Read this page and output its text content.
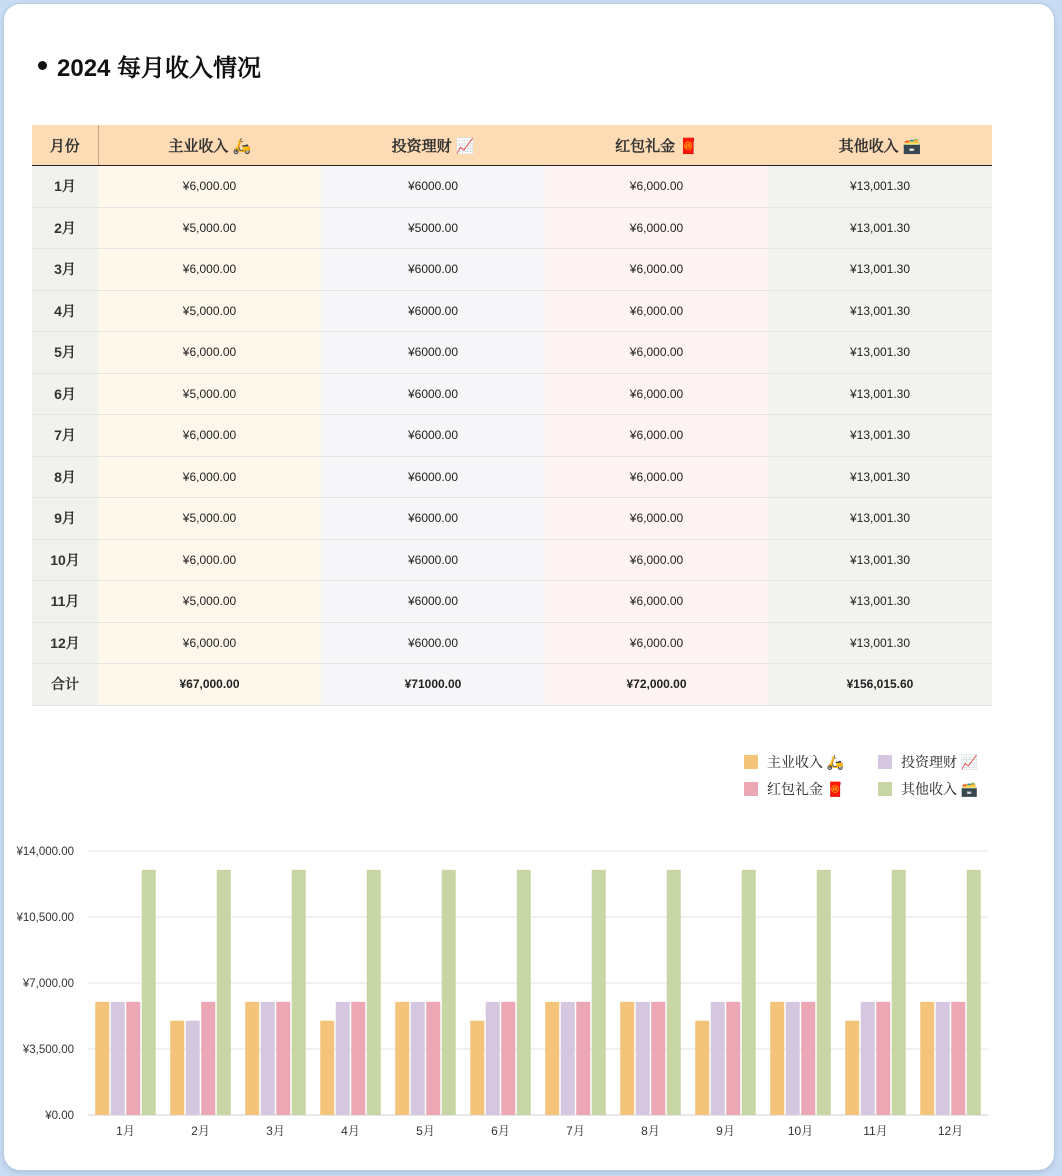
2024 每月收入情况
月份	主业收入 🛵	投资理财 📈	红包礼金 🧧	其他收入 🗃️
1月	¥6,000.00	¥6000.00	¥6,000.00	¥13,001.30
2月	¥5,000.00	¥5000.00	¥6,000.00	¥13,001.30
3月	¥6,000.00	¥6000.00	¥6,000.00	¥13,001.30
4月	¥5,000.00	¥6000.00	¥6,000.00	¥13,001.30
5月	¥6,000.00	¥6000.00	¥6,000.00	¥13,001.30
6月	¥5,000.00	¥6000.00	¥6,000.00	¥13,001.30
7月	¥6,000.00	¥6000.00	¥6,000.00	¥13,001.30
8月	¥6,000.00	¥6000.00	¥6,000.00	¥13,001.30
9月	¥5,000.00	¥6000.00	¥6,000.00	¥13,001.30
10月	¥6,000.00	¥6000.00	¥6,000.00	¥13,001.30
11月	¥5,000.00	¥6000.00	¥6,000.00	¥13,001.30
12月	¥6,000.00	¥6000.00	¥6,000.00	¥13,001.30
合计	¥67,000.00	¥71000.00	¥72,000.00	¥156,015.60
主业收入 🛵	投资理财 📈
红包礼金 🧧	其他收入 🗃️
¥0.00
¥3,500.00
¥7,000.00
¥10,500.00
¥14,000.00
1月	2月	3月	4月	5月	6月	7月	8月	9月	10月	11月	12月
